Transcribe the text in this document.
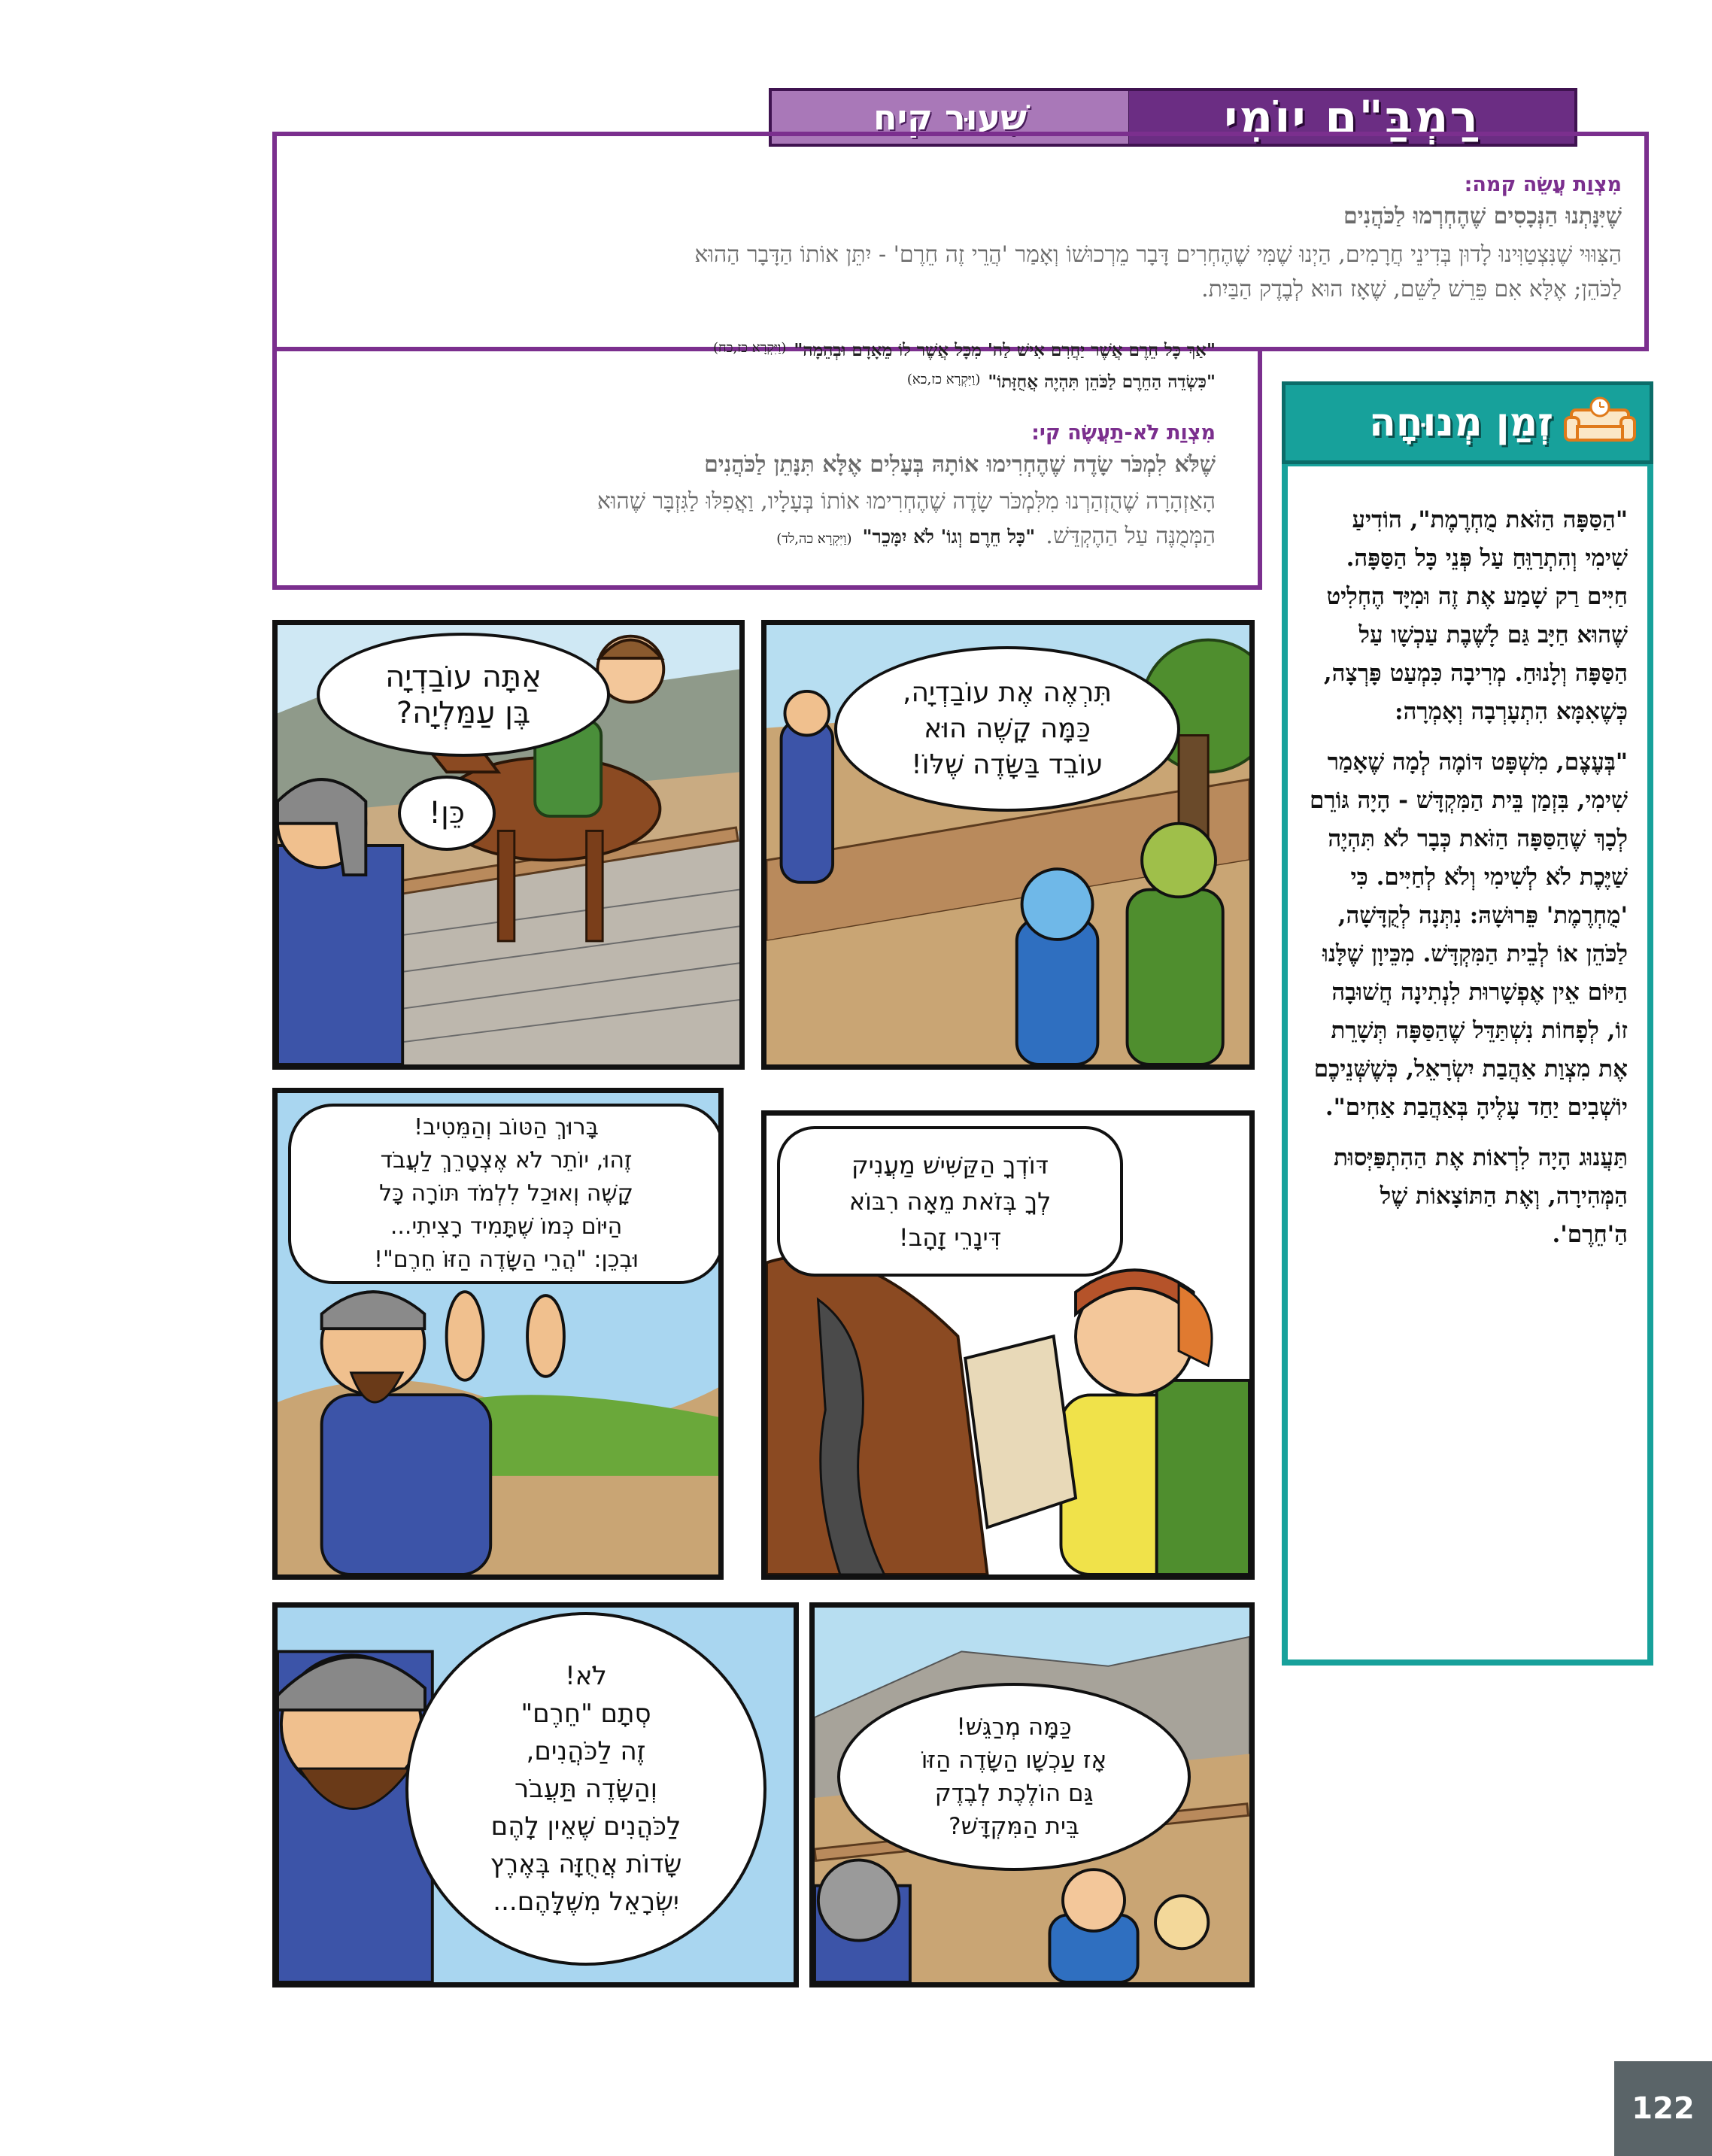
רַמְבַּ"ם יוֹמִי
שִׁעוּר קיח
מִצְוַת עֲשֵׂה קמה:
שֶׁיִּנָּתְנוּ הַנְּכָסִים שֶׁהֶחְרְמוּ לַכֹּהֲנִים
הַצִּוּוּי שֶׁנִּצְטַוִּינוּ לָדוּן בְּדִינֵי חֲרָמִים, הַיְנוּ שֶׁמִּי שֶׁהֶחְרִים דָּבָר מֵרְכוּשׁוֹ וְאָמַר 'הֲרֵי זֶה חֵרֶם' - יִתֵּן אוֹתוֹ הַדָּבָר הַהוּא
לַכֹּהֵן; אֶלָּא אִם פֵּרֵשׁ לַשֵּׁם, שֶׁאָז הוּא לְבֶדֶק הַבַּיִת.
"אַךְ כָּל חֵרֶם אֲשֶׁר יַחֲרִם אִישׁ לַה' מִכָּל אֲשֶׁר לוֹ מֵאָדָם וּבְהֵמָה"
(וַיִּקְרָא כז,כח)
"כִּשְׂדֵה הַחֵרֶם לַכֹּהֵן תִּהְיֶה אֲחֻזָּתוֹ"
(וַיִּקְרָא כז,כא)
מִצְוַת לֹא-תַעֲשֶׂה קי:
שֶׁלֹּא לִמְכֹּר שָׂדֶה שֶׁהֶחְרִימוּ אוֹתָהּ בְּעָלִים אֶלָּא תִּנָּתֵן לַכֹּהֲנִים
הָאַזְהָרָה שֶׁהֻזְהַרְנוּ מִלִּמְכֹּר שָׂדֶה שֶׁהֶחְרִימוּ אוֹתוֹ בְּעָלָיו, וַאֲפִלּוּ לַגִּזְבָּר שֶׁהוּא
הַמְּמֻנֶּה עַל הַהֶקְדֵּשׁ.
"כָּל חֵרֶם וְגוֹ' לֹא יִמָּכֵר"
(וַיִּקְרָא כה,לד)
אַתָּה עוֹבַדְיָה
בֶּן עַמַּלְיָה?
כֵּן!
תִּרְאֶה אֶת עוֹבַדְיָה,
כַּמָּה קָשֶׁה הוּא
עוֹבֵד בַּשָּׂדֶה שֶׁלּוֹ!
בָּרוּךְ הַטּוֹב וְהַמֵּטִיב!
זֶהוּ, יוֹתֵר לֹא אֶצְטָרֵךְ לַעֲבֹד
קָשֶׁה וְאוּכַל לִלְמֹד תּוֹרָה כָּל
הַיּוֹם כְּמוֹ שֶׁתָּמִיד רָצִיתִי...
וּבְכֵן: "הֲרֵי הַשָּׂדֶה הַזּוֹ חֵרֶם"!
דּוֹדְךָ הַקַּשִּׁישׁ מַעֲנִיק
לְךָ בְּזֹאת מֵאָה רִבּוֹא
דִּינָרֵי זָהָב!
לֹא!
סְתָם "חֵרֶם"
זֶה לַכֹּהֲנִים,
וְהַשָּׂדֶה תַּעֲבֹר
לַכֹּהֲנִים שֶׁאֵין לָהֶם
שָׂדוֹת אֲחֻזָּה בְּאֶרֶץ
יִשְׂרָאֵל מִשֶּׁלָּהֶם...
כַּמָּה מְרַגֵּשׁ!
אָז עַכְשָׁו הַשָּׂדֶה הַזּוֹ
גַּם הוֹלֶכֶת לְבֶדֶק
בֵּית הַמִּקְדָּשׁ?

"הַסַּפָּה הַזֹּאת מֻחְרֶמֶת", הוֹדִיעַ שִׁימִי וְהִתְרַוֵּחַ עַל פְּנֵי כָּל הַסַּפָּה. חַיִּים רַק שָׁמַע אֶת זֶה וּמִיָּד הֶחְלִיט שֶׁהוּא חַיָּב גַּם לָשֶׁבֶת עַכְשָׁו עַל הַסַּפָּה וְלָנוּחַ. מְרִיבָה כִּמְעַט פָּרְצָה, כְּשֶׁאִמָּא הִתְעָרְבָה וְאָמְרָה:

"בְּעֶצֶם, מִשְׁפָּט דּוֹמֶה לְמָה שֶׁאָמַר שִׁימִי, בִּזְמַן בֵּית הַמִּקְדָּשׁ - הָיָה גּוֹרֵם לְכָךְ שֶׁהַסַּפָּה הַזֹּאת כְּבָר לֹא תִּהְיֶה שַׁיֶּכֶת לֹא לְשִׁימִי וְלֹא לְחַיִּים. כִּי 'מֻחְרֶמֶת' פֵּרוּשָׁהּ: נִתְּנָה לְקֻדָּשָׁה, לַכֹּהֵן אוֹ לְבֵית הַמִּקְדָּשׁ. מִכֵּיוָן שֶׁלָּנוּ הַיּוֹם אֵין אֶפְשָׁרוּת לִנְתִינָה חֲשׁוּבָה זוֹ, לְפָחוֹת נִשְׁתַּדֵּל שֶׁהַסַּפָּה תְּשָׁרֵת אֶת מִצְוַת אַהֲבַת יִשְׂרָאֵל, כְּשֶׁשְּׁנֵיכֶם יוֹשְׁבִים יַחַד עָלֶיהָ בְּאַהֲבַת אַחִים".

תַּעֲנוּג הָיָה לִרְאוֹת אֶת הַהִתְפַּיְּסוּת הַמְּהִירָה, וְאֶת הַתּוֹצָאוֹת שֶׁל הַ'חֵרֶם'.

זְמַן מְנוּחָה
122
